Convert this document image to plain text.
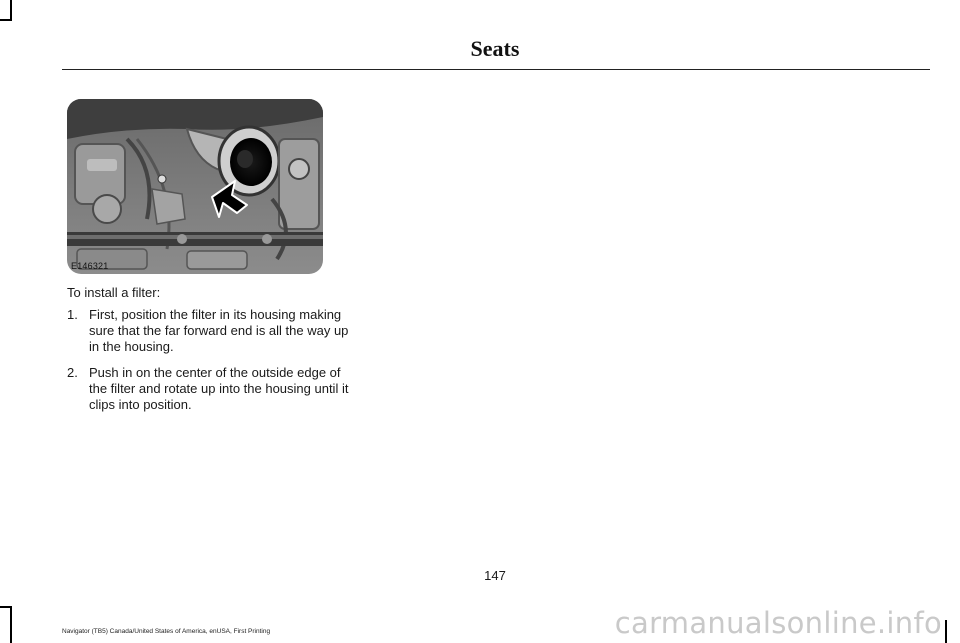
Seats
E146321
To install a filter:
1. First, position the filter in its housing making sure that the far forward end is all the way up in the housing.
2. Push in on the center of the outside edge of the filter and rotate up into the housing until it clips into position.
147
Navigator (TB5) Canada/United States of America, enUSA, First Printing	carmanualsonline.info
